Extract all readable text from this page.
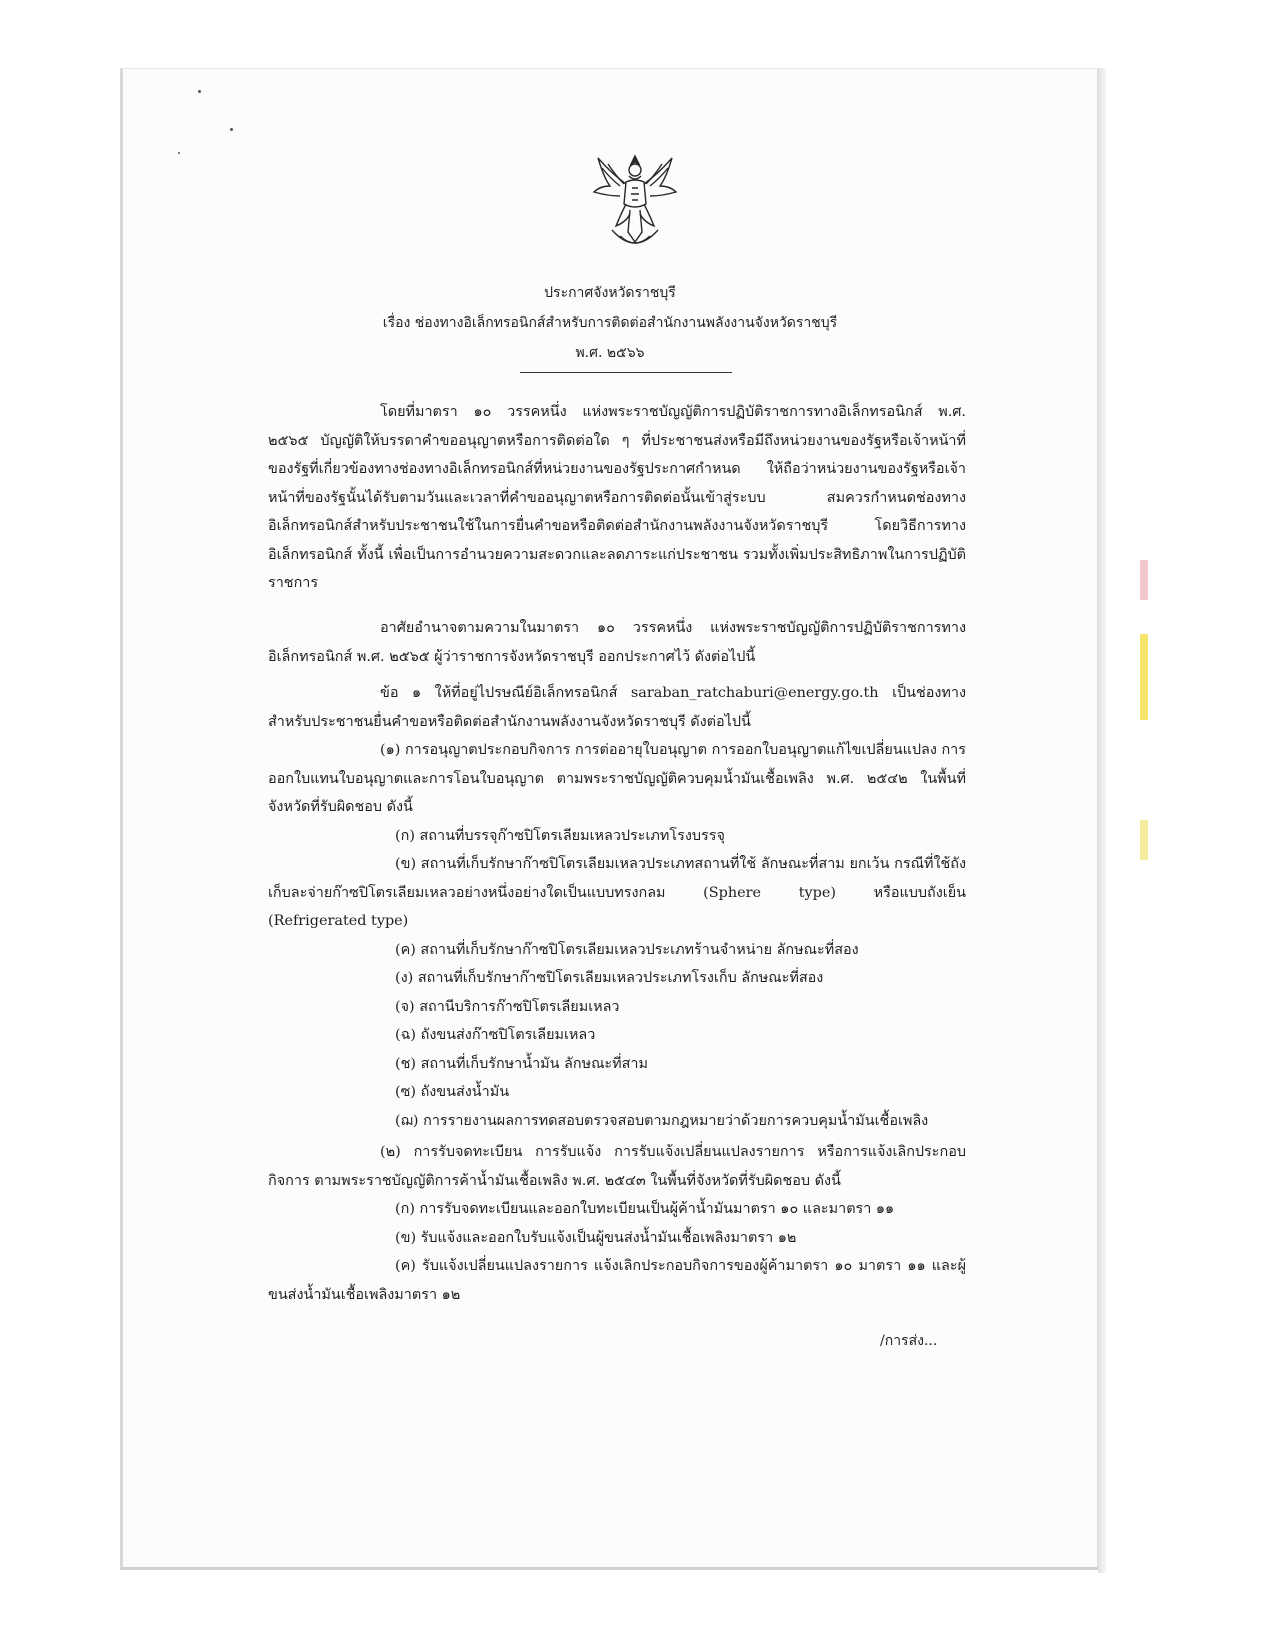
ประกาศจังหวัดราชบุรี
เรื่อง ช่องทางอิเล็กทรอนิกส์สำหรับการติดต่อสำนักงานพลังงานจังหวัดราชบุรี
พ.ศ. ๒๕๖๖

โดยที่มาตรา ๑๐ วรรคหนึ่ง แห่งพระราชบัญญัติการปฏิบัติราชการทางอิเล็กทรอนิกส์ พ.ศ. ๒๕๖๕ บัญญัติให้บรรดาคำขออนุญาตหรือการติดต่อใด ๆ ที่ประชาชนส่งหรือมีถึงหน่วยงานของรัฐหรือเจ้าหน้าที่ของรัฐที่เกี่ยวข้องทางช่องทางอิเล็กทรอนิกส์ที่หน่วยงานของรัฐประกาศกำหนด ให้ถือว่าหน่วยงานของรัฐหรือเจ้าหน้าที่ของรัฐนั้นได้รับตามวันและเวลาที่คำขออนุญาตหรือการติดต่อนั้นเข้าสู่ระบบ สมควรกำหนดช่องทางอิเล็กทรอนิกส์สำหรับประชาชนใช้ในการยื่นคำขอหรือติดต่อสำนักงานพลังงานจังหวัดราชบุรี โดยวิธีการทางอิเล็กทรอนิกส์ ทั้งนี้ เพื่อเป็นการอำนวยความสะดวกและลดภาระแก่ประชาชน รวมทั้งเพิ่มประสิทธิภาพในการปฏิบัติราชการ

อาศัยอำนาจตามความในมาตรา ๑๐ วรรคหนึ่ง แห่งพระราชบัญญัติการปฏิบัติราชการทางอิเล็กทรอนิกส์ พ.ศ. ๒๕๖๕ ผู้ว่าราชการจังหวัดราชบุรี ออกประกาศไว้ ดังต่อไปนี้

ข้อ ๑ ให้ที่อยู่ไปรษณีย์อิเล็กทรอนิกส์ saraban_ratchaburi@energy.go.th เป็นช่องทางสำหรับประชาชนยื่นคำขอหรือติดต่อสำนักงานพลังงานจังหวัดราชบุรี ดังต่อไปนี้

(๑) การอนุญาตประกอบกิจการ การต่ออายุใบอนุญาต การออกใบอนุญาตแก้ไขเปลี่ยนแปลง การออกใบแทนใบอนุญาตและการโอนใบอนุญาต ตามพระราชบัญญัติควบคุมน้ำมันเชื้อเพลิง พ.ศ. ๒๕๔๒ ในพื้นที่จังหวัดที่รับผิดชอบ ดังนี้

(ก) สถานที่บรรจุก๊าซปิโตรเลียมเหลวประเภทโรงบรรจุ

(ข) สถานที่เก็บรักษาก๊าซปิโตรเลียมเหลวประเภทสถานที่ใช้ ลักษณะที่สาม ยกเว้น กรณีที่ใช้ถังเก็บละจ่ายก๊าซปิโตรเลียมเหลวอย่างหนึ่งอย่างใดเป็นแบบทรงกลม (Sphere type) หรือแบบถังเย็น (Refrigerated type)

(ค) สถานที่เก็บรักษาก๊าซปิโตรเลียมเหลวประเภทร้านจำหน่าย ลักษณะที่สอง

(ง) สถานที่เก็บรักษาก๊าซปิโตรเลียมเหลวประเภทโรงเก็บ ลักษณะที่สอง

(จ) สถานีบริการก๊าซปิโตรเลียมเหลว

(ฉ) ถังขนส่งก๊าซปิโตรเลียมเหลว

(ช) สถานที่เก็บรักษาน้ำมัน ลักษณะที่สาม

(ซ) ถังขนส่งน้ำมัน

(ฌ) การรายงานผลการทดสอบตรวจสอบตามกฎหมายว่าด้วยการควบคุมน้ำมันเชื้อเพลิง

(๒) การรับจดทะเบียน การรับแจ้ง การรับแจ้งเปลี่ยนแปลงรายการ หรือการแจ้งเลิกประกอบกิจการ ตามพระราชบัญญัติการค้าน้ำมันเชื้อเพลิง พ.ศ. ๒๕๔๓ ในพื้นที่จังหวัดที่รับผิดชอบ ดังนี้

(ก) การรับจดทะเบียนและออกใบทะเบียนเป็นผู้ค้าน้ำมันมาตรา ๑๐ และมาตรา ๑๑

(ข) รับแจ้งและออกใบรับแจ้งเป็นผู้ขนส่งน้ำมันเชื้อเพลิงมาตรา ๑๒

(ค) รับแจ้งเปลี่ยนแปลงรายการ แจ้งเลิกประกอบกิจการของผู้ค้ามาตรา ๑๐ มาตรา ๑๑ และผู้ขนส่งน้ำมันเชื้อเพลิงมาตรา ๑๒

/การส่ง...
